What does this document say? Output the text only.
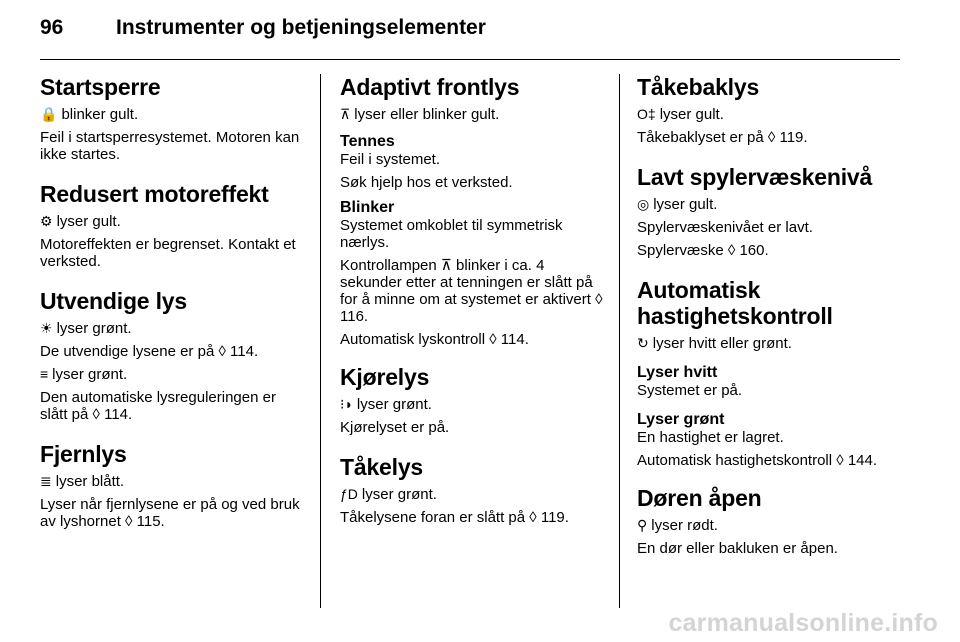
96	Instrumenter og betjeningselementer
Startsperre

🔒 blinker gult.

Feil i startsperresystemet. Motoren kan ikke startes.

Redusert motoreffekt

⚙ lyser gult.

Motoreffekten er begrenset. Kontakt et verksted.

Utvendige lys

☀ lyser grønt.

De utvendige lysene er på ◊ 114.

≡ lyser grønt.

Den automatiske lysreguleringen er slått på ◊ 114.

Fjernlys

≣ lyser blått.

Lyser når fjernlysene er på og ved bruk av lyshornet ◊ 115.

Adaptivt frontlys

⊼ lyser eller blinker gult.

Tennes

Feil i systemet.

Søk hjelp hos et verksted.

Blinker

Systemet omkoblet til symmetrisk nærlys.

Kontrollampen ⊼ blinker i ca. 4 sekunder etter at tenningen er slått på for å minne om at systemet er aktivert ◊ 116.

Automatisk lyskontroll ◊ 114.

Kjørelys

⁝◗ lyser grønt.

Kjørelyset er på.

Tåkelys

ƒD lyser grønt.

Tåkelysene foran er slått på ◊ 119.

Tåkebaklys

O‡ lyser gult.

Tåkebaklyset er på ◊ 119.

Lavt spylervæskenivå

◎ lyser gult.

Spylervæskenivået er lavt.

Spylervæske ◊ 160.

Automatisk hastighetskontroll

↻ lyser hvitt eller grønt.

Lyser hvitt

Systemet er på.

Lyser grønt

En hastighet er lagret.

Automatisk hastighetskontroll ◊ 144.

Døren åpen

⚲ lyser rødt.

En dør eller bakluken er åpen.

carmanualsonline.info
